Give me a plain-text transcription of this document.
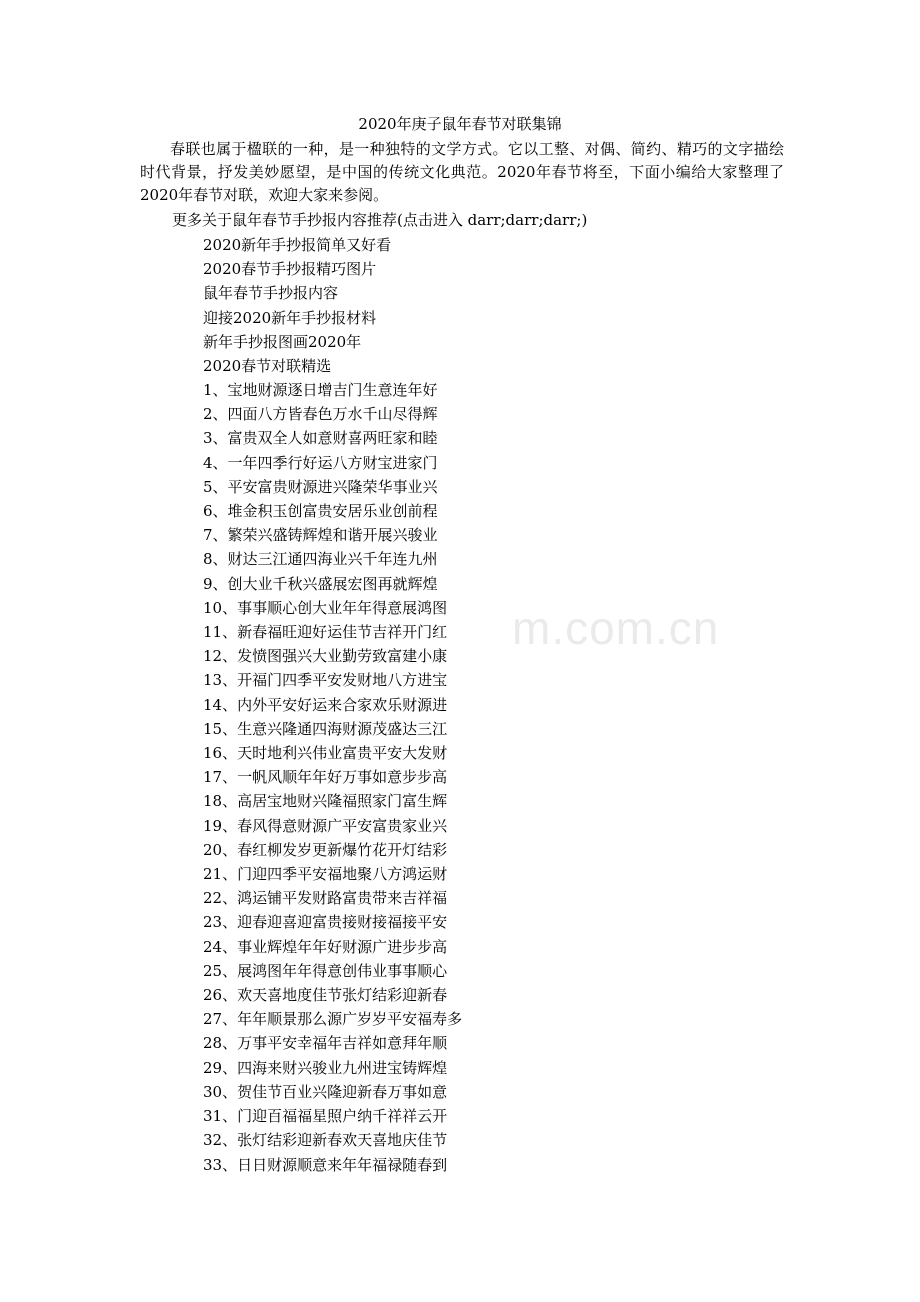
2020年庚子鼠年春节对联集锦

春联也属于楹联的一种，是一种独特的文学方式。它以工整、对偶、简约、精巧的文字描绘时代背景，抒发美妙愿望，是中国的传统文化典范。2020年春节将至，下面小编给大家整理了2020年春节对联，欢迎大家来参阅。

更多关于鼠年春节手抄报内容推荐(点击进入 darr;darr;darr;)

2020新年手抄报简单又好看
2020春节手抄报精巧图片
鼠年春节手抄报内容
迎接2020新年手抄报材料
新年手抄报图画2020年
2020春节对联精选
1、宝地财源逐日增吉门生意连年好
2、四面八方皆春色万水千山尽得辉
3、富贵双全人如意财喜两旺家和睦
4、一年四季行好运八方财宝进家门
5、平安富贵财源进兴隆荣华事业兴
6、堆金积玉创富贵安居乐业创前程
7、繁荣兴盛铸辉煌和谐开展兴骏业
8、财达三江通四海业兴千年连九州
9、创大业千秋兴盛展宏图再就辉煌
10、事事顺心创大业年年得意展鸿图
11、新春福旺迎好运佳节吉祥开门红
12、发愤图强兴大业勤劳致富建小康
13、开福门四季平安发财地八方进宝
14、内外平安好运来合家欢乐财源进
15、生意兴隆通四海财源茂盛达三江
16、天时地利兴伟业富贵平安大发财
17、一帆风顺年年好万事如意步步高
18、高居宝地财兴隆福照家门富生辉
19、春风得意财源广平安富贵家业兴
20、春红柳发岁更新爆竹花开灯结彩
21、门迎四季平安福地聚八方鸿运财
22、鸿运铺平发财路富贵带来吉祥福
23、迎春迎喜迎富贵接财接福接平安
24、事业辉煌年年好财源广进步步高
25、展鸿图年年得意创伟业事事顺心
26、欢天喜地度佳节张灯结彩迎新春
27、年年顺景那么源广岁岁平安福寿多
28、万事平安幸福年吉祥如意拜年顺
29、四海来财兴骏业九州进宝铸辉煌
30、贺佳节百业兴隆迎新春万事如意
31、门迎百福福星照户纳千祥祥云开
32、张灯结彩迎新春欢天喜地庆佳节
33、日日财源顺意来年年福禄随春到
m.com.cn
